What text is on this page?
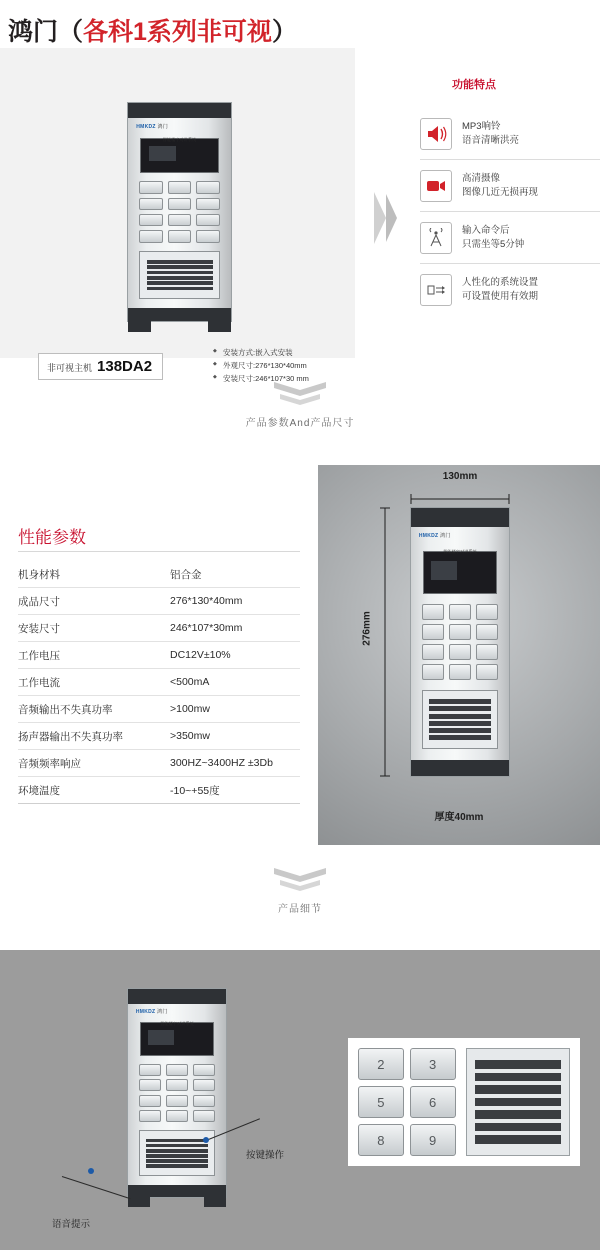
鸿门（各科1系列非可视）
HMKDZ 鸿门
智能楼宇对讲系统
非可视主机 138DA2
◆ 安装方式:嵌入式安装
◆ 外观尺寸:276*130*40mm
◆ 安装尺寸:246*107*30 mm
功能特点
MP3响铃
语音清晰洪亮
高清摄像
图像几近无损再现
输入命令后
只需坐等5分钟
人性化的系统设置
可设置使用有效期
产品参数And产品尺寸
性能参数
机身材料	铝合金
成品尺寸	276*130*40mm
安装尺寸	246*107*30mm
工作电压	DC12V±10%
工作电流	<500mA
音频输出不失真功率	>100mw
扬声器输出不失真功率	>350mw
音频频率响应	300HZ~3400HZ ±3Db
环境温度	-10~+55度
130mm
276mm
HMKDZ 鸿门
智能楼宇对讲系统
厚度40mm
产品细节
HMKDZ 鸿门
智能楼宇对讲系统
按键操作
语音提示
2	3
5	6
8	9
